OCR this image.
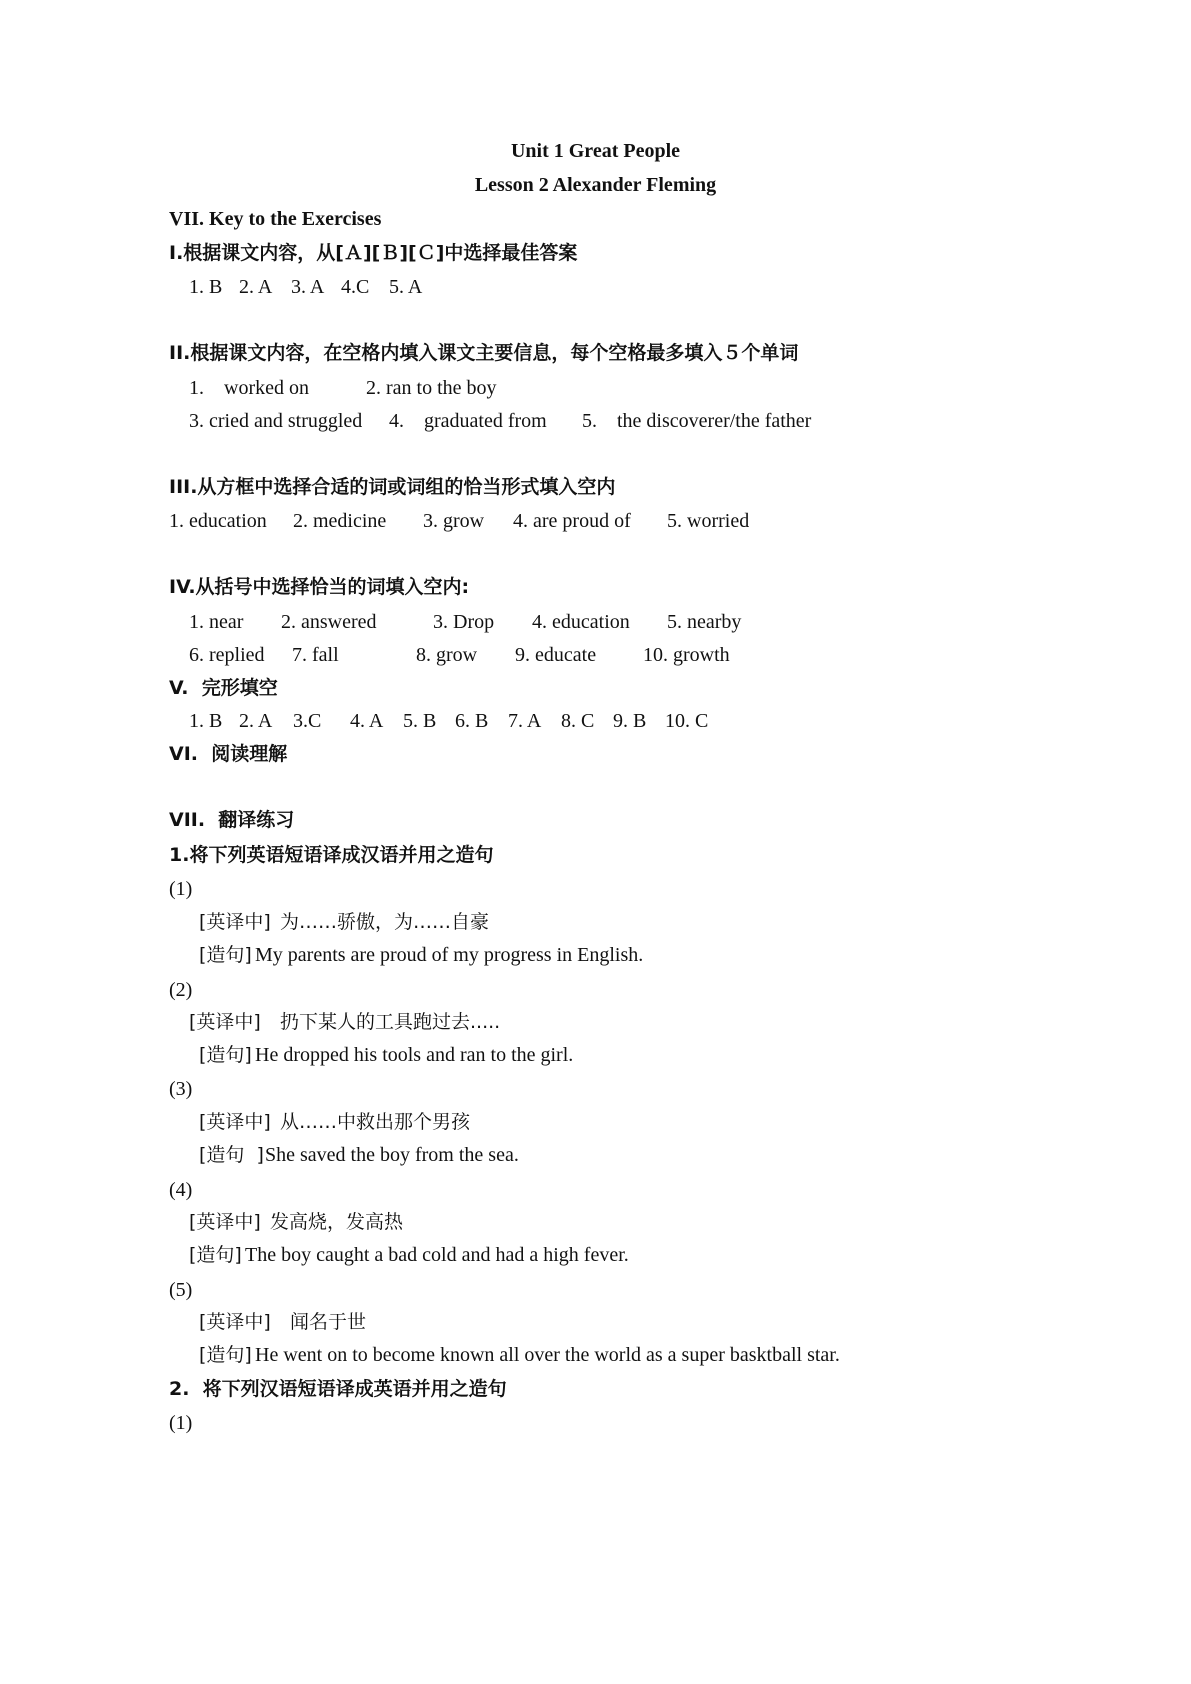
Unit 1 Great People
Lesson 2 Alexander Fleming
VII. Key to the Exercises
I.根据课文内容，从[Ａ][Ｂ][Ｃ]中选择最佳答案
1. B 2. A 3. A 4.C 5. A
II.根据课文内容，在空格内填入课文主要信息，每个空格最多填入５个单词
1.    worked on	2. ran to the boy
3. cried and struggled 4.    graduated from 5.    the discoverer/the father
III.从方框中选择合适的词或词组的恰当形式填入空内
1. education 2. medicine 3. grow 4. are proud of 5. worried
IV.从括号中选择恰当的词填入空内:
1. near 2. answered	3. Drop 4. education 5. nearby
6. replied 7. fall	8. grow 9. educate 10. growth
V.  完形填空
1. B 2. A 3.C 4. A 5. B 6. B 7. A 8. C 9. B 10. C
VI.  阅读理解
VII.  翻译练习
1.将下列英语短语译成汉语并用之造句
(1)
[英译中] 为……骄傲，为……自豪
[造句] My parents are proud of my progress in English.
(2)
[英译中] 扔下某人的工具跑过去.....
[造句] He dropped his tools and ran to the girl.
(3)
[英译中] 从……中救出那个男孩
[造句  ] She saved the boy from the sea.
(4)
[英译中] 发高烧，发高热
[造句] The boy caught a bad cold and had a high fever.
(5)
[英译中] 闻名于世
[造句] He went on to become known all over the world as a super basktball star.
2.  将下列汉语短语译成英语并用之造句
(1)
